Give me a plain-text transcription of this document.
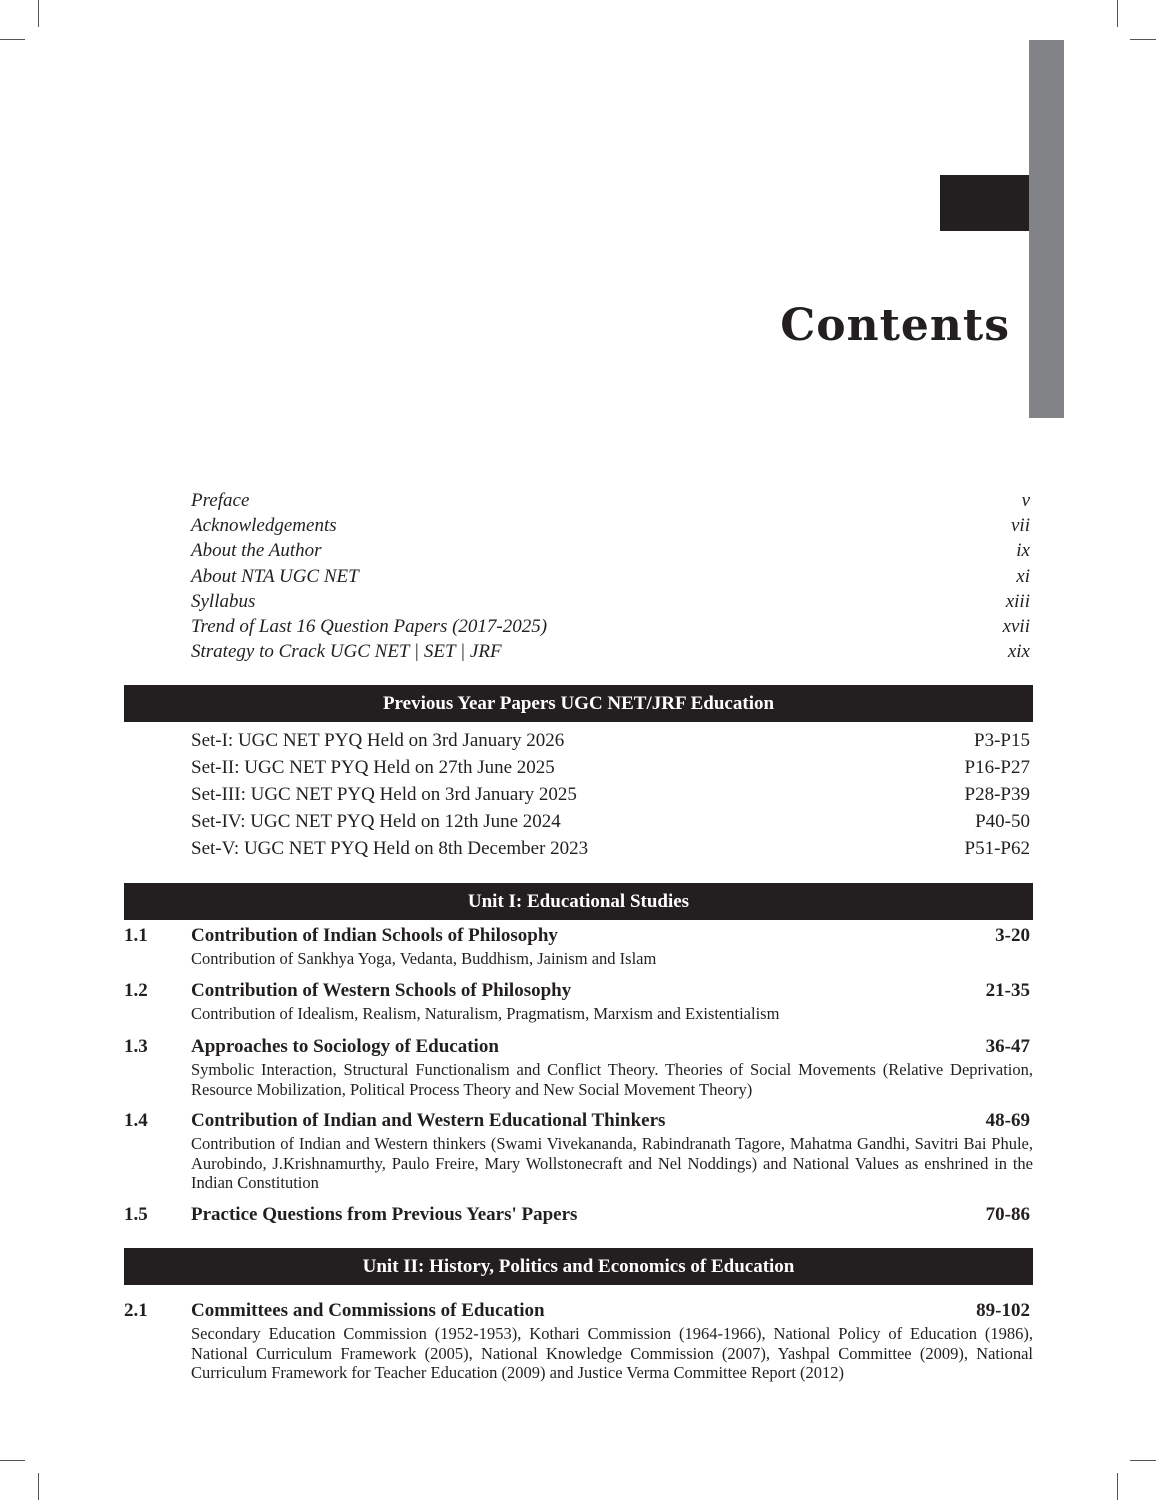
Contents
Preface	v
Acknowledgements	vii
About the Author	ix
About NTA UGC NET	xi
Syllabus	xiii
Trend of Last 16 Question Papers (2017-2025)	xvii
Strategy to Crack UGC NET | SET | JRF	xix
Previous Year Papers UGC NET/JRF Education
Set-I: UGC NET PYQ Held on 3rd January 2026	P3-P15
Set-II: UGC NET PYQ Held on 27th June 2025	P16-P27
Set-III: UGC NET PYQ Held on 3rd January 2025	P28-P39
Set-IV: UGC NET PYQ Held on 12th June 2024	P40-50
Set-V: UGC NET PYQ Held on 8th December 2023	P51-P62
Unit I: Educational Studies
1.1	Contribution of Indian Schools of Philosophy	3-20
Contribution of Sankhya Yoga, Vedanta, Buddhism, Jainism and Islam
1.2	Contribution of Western Schools of Philosophy	21-35
Contribution of Idealism, Realism, Naturalism, Pragmatism, Marxism and Existentialism
1.3	Approaches to Sociology of Education	36-47
Symbolic Interaction, Structural Functionalism and Conflict Theory. Theories of Social Movements (Relative Deprivation, Resource Mobilization, Political Process Theory and New Social Movement Theory)
1.4	Contribution of Indian and Western Educational Thinkers	48-69
Contribution of Indian and Western thinkers (Swami Vivekananda, Rabindranath Tagore, Mahatma Gandhi, Savitri Bai Phule, Aurobindo, J.Krishnamurthy, Paulo Freire, Mary Wollstonecraft and Nel Noddings) and National Values as enshrined in the Indian Constitution
1.5	Practice Questions from Previous Years' Papers	70-86
Unit II: History, Politics and Economics of Education
2.1	Committees and Commissions of Education	89-102
Secondary Education Commission (1952-1953), Kothari Commission (1964-1966), National Policy of Education (1986), National Curriculum Framework (2005), National Knowledge Commission (2007), Yashpal Committee (2009), National Curriculum Framework for Teacher Education (2009) and Justice Verma Committee Report (2012)
